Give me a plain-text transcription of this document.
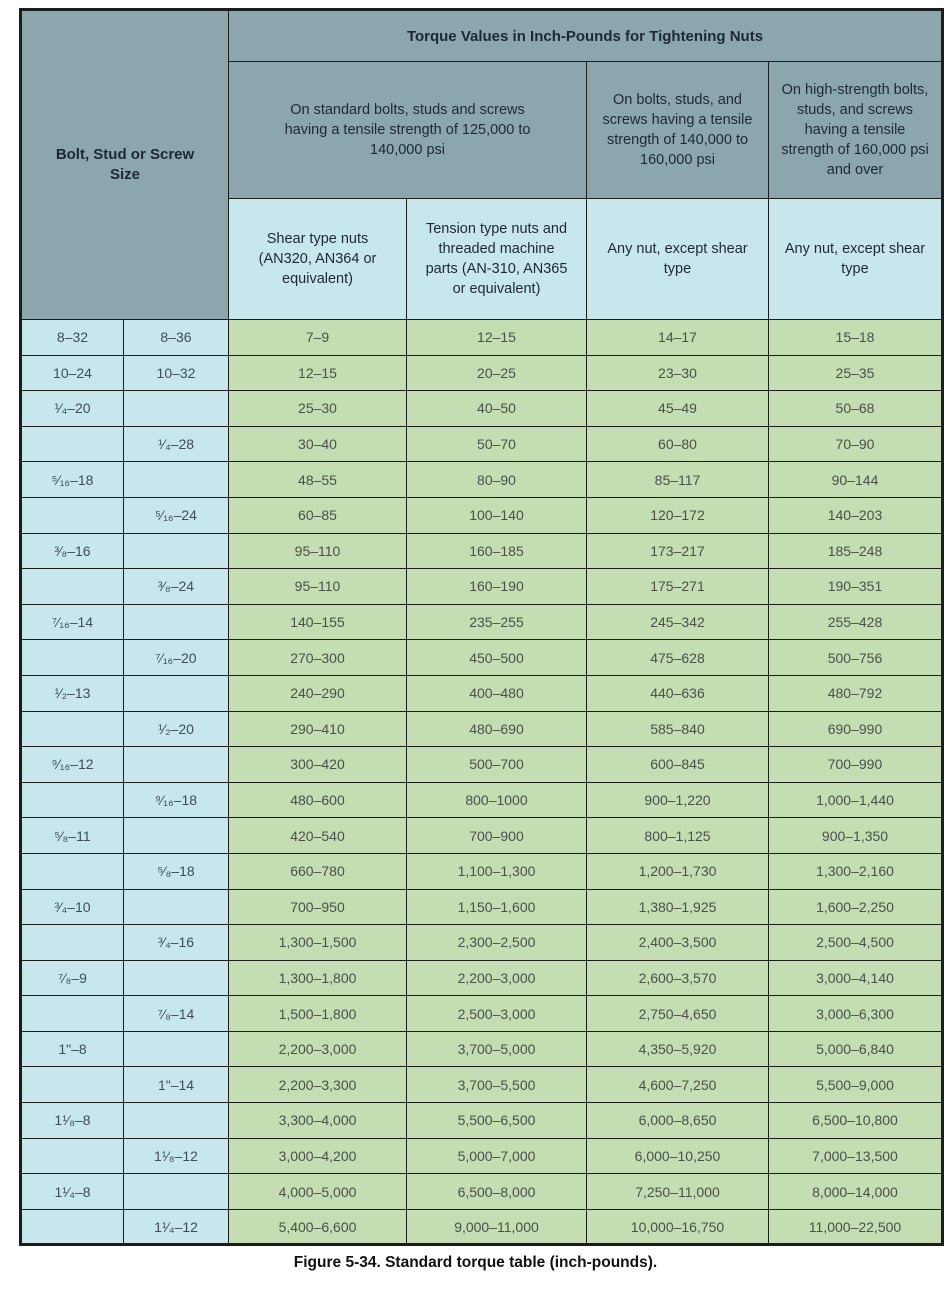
Bolt, Stud or Screw Size		Torque Values in Inch-Pounds for Tightening Nuts			
		On standard bolts, studs and screws having a tensile strength of 125,000 to 140,000 psi		On bolts, studs, and screws having a tensile strength of 140,000 to 160,000 psi	On high-strength bolts, studs, and screws having a tensile strength of 160,000 psi and over
		Shear type nuts (AN320, AN364 or equivalent)	Tension type nuts and threaded machine parts (AN-310, AN365 or equivalent)	Any nut, except shear type	Any nut, except shear type
8–32	8–36	7–9	12–15	14–17	15–18
10–24	10–32	12–15	20–25	23–30	25–35
¹⁄₄–20		25–30	40–50	45–49	50–68
	¹⁄₄–28	30–40	50–70	60–80	70–90
⁵⁄₁₆–18		48–55	80–90	85–117	90–144
	⁵⁄₁₆–24	60–85	100–140	120–172	140–203
³⁄₈–16		95–110	160–185	173–217	185–248
	³⁄₈–24	95–110	160–190	175–271	190–351
⁷⁄₁₆–14		140–155	235–255	245–342	255–428
	⁷⁄₁₆–20	270–300	450–500	475–628	500–756
¹⁄₂–13		240–290	400–480	440–636	480–792
	¹⁄₂–20	290–410	480–690	585–840	690–990
⁹⁄₁₆–12		300–420	500–700	600–845	700–990
	⁹⁄₁₆–18	480–600	800–1000	900–1,220	1,000–1,440
⁵⁄₈–11		420–540	700–900	800–1,125	900–1,350
	⁵⁄₈–18	660–780	1,100–1,300	1,200–1,730	1,300–2,160
³⁄₄–10		700–950	1,150–1,600	1,380–1,925	1,600–2,250
	³⁄₄–16	1,300–1,500	2,300–2,500	2,400–3,500	2,500–4,500
⁷⁄₈–9		1,300–1,800	2,200–3,000	2,600–3,570	3,000–4,140
	⁷⁄₈–14	1,500–1,800	2,500–3,000	2,750–4,650	3,000–6,300
1"–8		2,200–3,000	3,700–5,000	4,350–5,920	5,000–6,840
	1"–14	2,200–3,300	3,700–5,500	4,600–7,250	5,500–9,000
1¹⁄₈–8		3,300–4,000	5,500–6,500	6,000–8,650	6,500–10,800
	1¹⁄₈–12	3,000–4,200	5,000–7,000	6,000–10,250	7,000–13,500
1¹⁄₄–8		4,000–5,000	6,500–8,000	7,250–11,000	8,000–14,000
	1¹⁄₄–12	5,400–6,600	9,000–11,000	10,000–16,750	11,000–22,500
Figure 5-34. Standard torque table (inch-pounds).
